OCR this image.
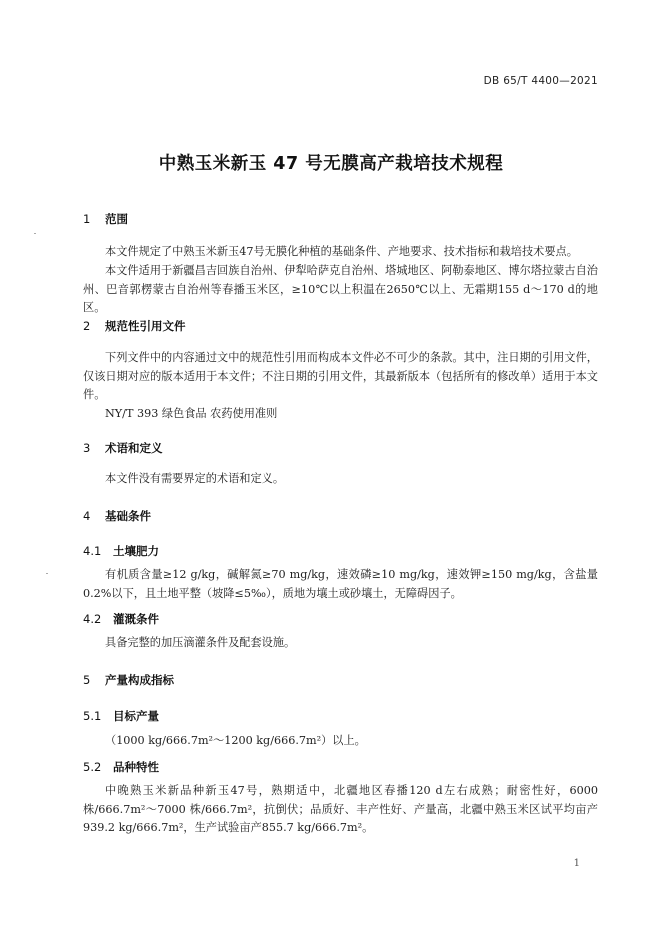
DB 65/T 4400—2021
中熟玉米新玉 47 号无膜高产栽培技术规程
1 范围
本文件规定了中熟玉米新玉47号无膜化种植的基础条件、产地要求、技术指标和栽培技术要点。
本文件适用于新疆昌吉回族自治州、伊犁哈萨克自治州、塔城地区、阿勒泰地区、博尔塔拉蒙古自治州、巴音郭楞蒙古自治州等春播玉米区，≥10℃以上积温在2650℃以上、无霜期155 d～170 d的地区。
2 规范性引用文件
下列文件中的内容通过文中的规范性引用而构成本文件必不可少的条款。其中，注日期的引用文件，仅该日期对应的版本适用于本文件；不注日期的引用文件，其最新版本（包括所有的修改单）适用于本文件。
NY/T 393 绿色食品 农药使用准则
3 术语和定义
本文件没有需要界定的术语和定义。
4 基础条件
4.1 土壤肥力
有机质含量≥12 g/kg，碱解氮≥70 mg/kg，速效磷≥10 mg/kg，速效钾≥150 mg/kg，含盐量0.2%以下，且土地平整（坡降≤5‰），质地为壤土或砂壤土，无障碍因子。
4.2 灌溉条件
具备完整的加压滴灌条件及配套设施。
5 产量构成指标
5.1 目标产量
（1000 kg/666.7m²～1200 kg/666.7m²）以上。
5.2 品种特性
中晚熟玉米新品种新玉47号，熟期适中，北疆地区春播120 d左右成熟；耐密性好，6000株/666.7m²～7000 株/666.7m²，抗倒伏；品质好、丰产性好、产量高，北疆中熟玉米区试平均亩产939.2 kg/666.7m²，生产试验亩产855.7 kg/666.7m²。
1
